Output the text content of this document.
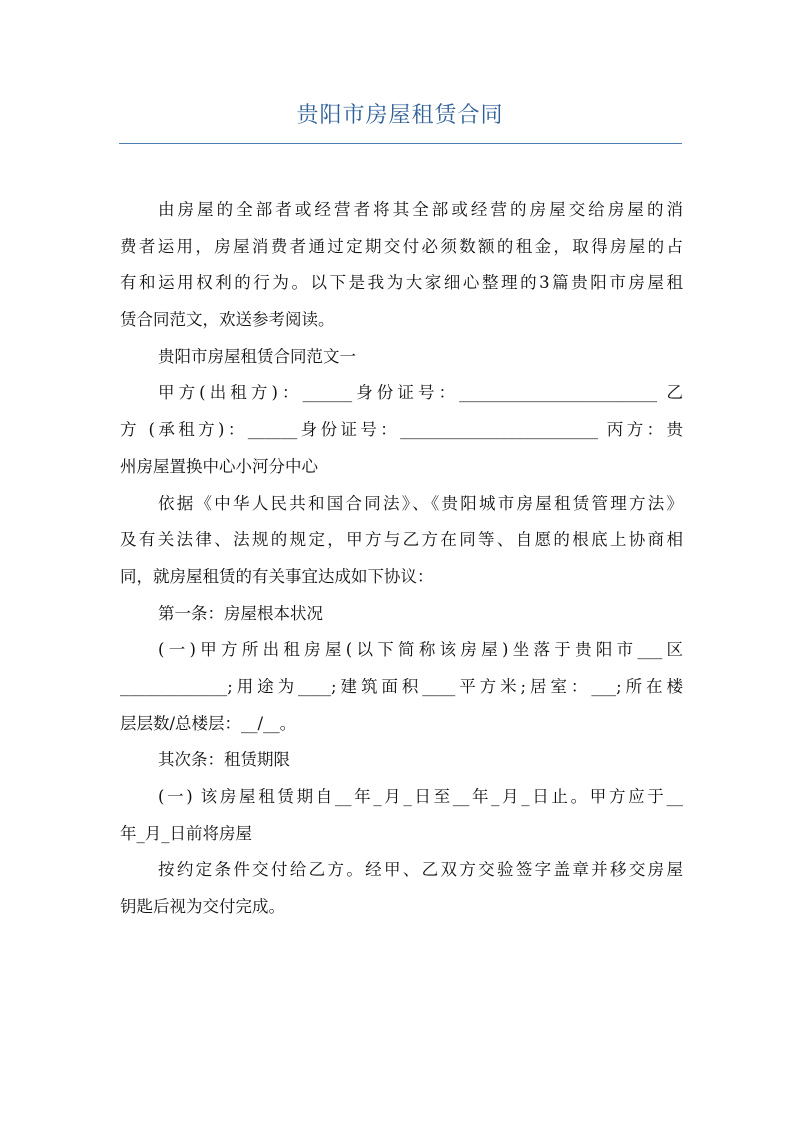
贵阳市房屋租赁合同
由房屋的全部者或经营者将其全部或经营的房屋交给房屋的消
费者运用，房屋消费者通过定期交付必须数额的租金，取得房屋的占
有和运用权利的行为。以下是我为大家细心整理的3篇贵阳市房屋租
赁合同范文，欢送参考阅读。
贵阳市房屋租赁合同范文一
甲方(出租方)：______身份证号：________________________ 乙
方 (承租方)：______身份证号：________________________ 丙方：贵
州房屋置换中心小河分中心
依据《中华人民共和国合同法》、《贵阳城市房屋租赁管理方法》
及有关法律、法规的规定，甲方与乙方在同等、自愿的根底上协商相
同，就房屋租赁的有关事宜达成如下协议：
第一条：房屋根本状况
(一)甲方所出租房屋(以下简称该房屋)坐落于贵阳市___区
_____________;用途为____;建筑面积____平方米;居室：___;所在楼
层层数/总楼层：__/__。
其次条：租赁期限
(一) 该房屋租赁期自__年_月_日至__年_月_日止。甲方应于__
年_月_日前将房屋
按约定条件交付给乙方。经甲、乙双方交验签字盖章并移交房屋
钥匙后视为交付完成。
